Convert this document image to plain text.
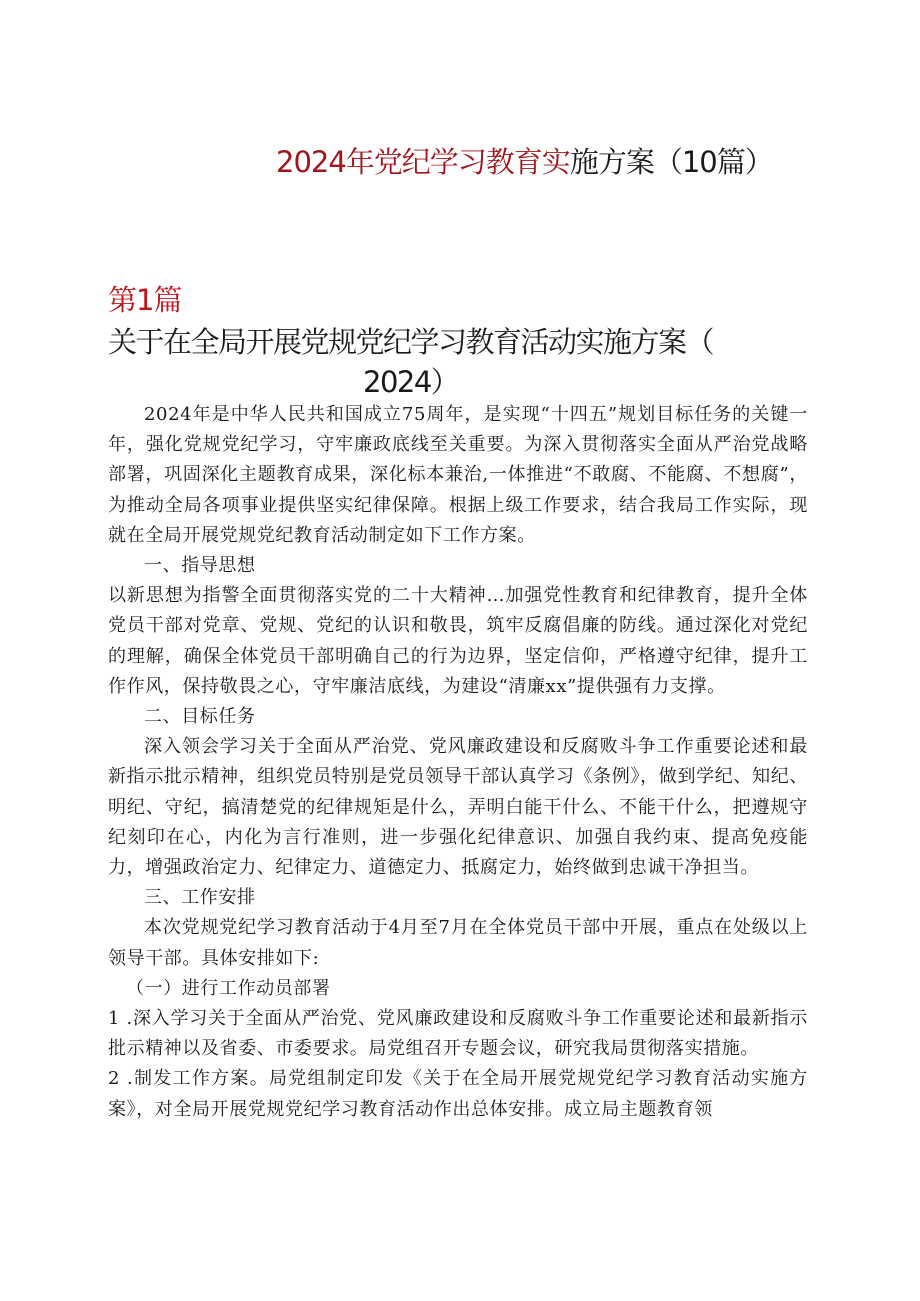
2024年党纪学习教育实施方案（10篇）
第1篇
关于在全局开展党规党纪学习教育活动实施方案（
2024）

2024年是中华人民共和国成立75周年，是实现“十四五”规划目标任务的关键一年，强化党规党纪学习，守牢廉政底线至关重要。为深入贯彻落实全面从严治党战略部署，巩固深化主题教育成果，深化标本兼治,一体推进“不敢腐、不能腐、不想腐”，为推动全局各项事业提供坚实纪律保障。根据上级工作要求，结合我局工作实际，现就在全局开展党规党纪教育活动制定如下工作方案。

一、指导思想

以新思想为指警全面贯彻落实党的二十大精神…加强党性教育和纪律教育，提升全体党员干部对党章、党规、党纪的认识和敬畏，筑牢反腐倡廉的防线。通过深化对党纪的理解，确保全体党员干部明确自己的行为边界，坚定信仰，严格遵守纪律，提升工作作风，保持敬畏之心，守牢廉洁底线，为建设“清廉xx”提供强有力支撑。

二、目标任务

深入领会学习关于全面从严治党、党风廉政建设和反腐败斗争工作重要论述和最新指示批示精神，组织党员特别是党员领导干部认真学习《条例》，做到学纪、知纪、明纪、守纪，搞清楚党的纪律规矩是什么，弄明白能干什么、不能干什么，把遵规守纪刻印在心，内化为言行准则，进一步强化纪律意识、加强自我约束、提高免疫能力，增强政治定力、纪律定力、道德定力、抵腐定力，始终做到忠诚干净担当。

三、工作安排

本次党规党纪学习教育活动于4月至7月在全体党员干部中开展，重点在处级以上领导干部。具体安排如下:

（一）进行工作动员部署

1 .深入学习关于全面从严治党、党风廉政建设和反腐败斗争工作重要论述和最新指示批示精神以及省委、市委要求。局党组召开专题会议，研究我局贯彻落实措施。

2 .制发工作方案。局党组制定印发《关于在全局开展党规党纪学习教育活动实施方案》，对全局开展党规党纪学习教育活动作出总体安排。成立局主题教育领
